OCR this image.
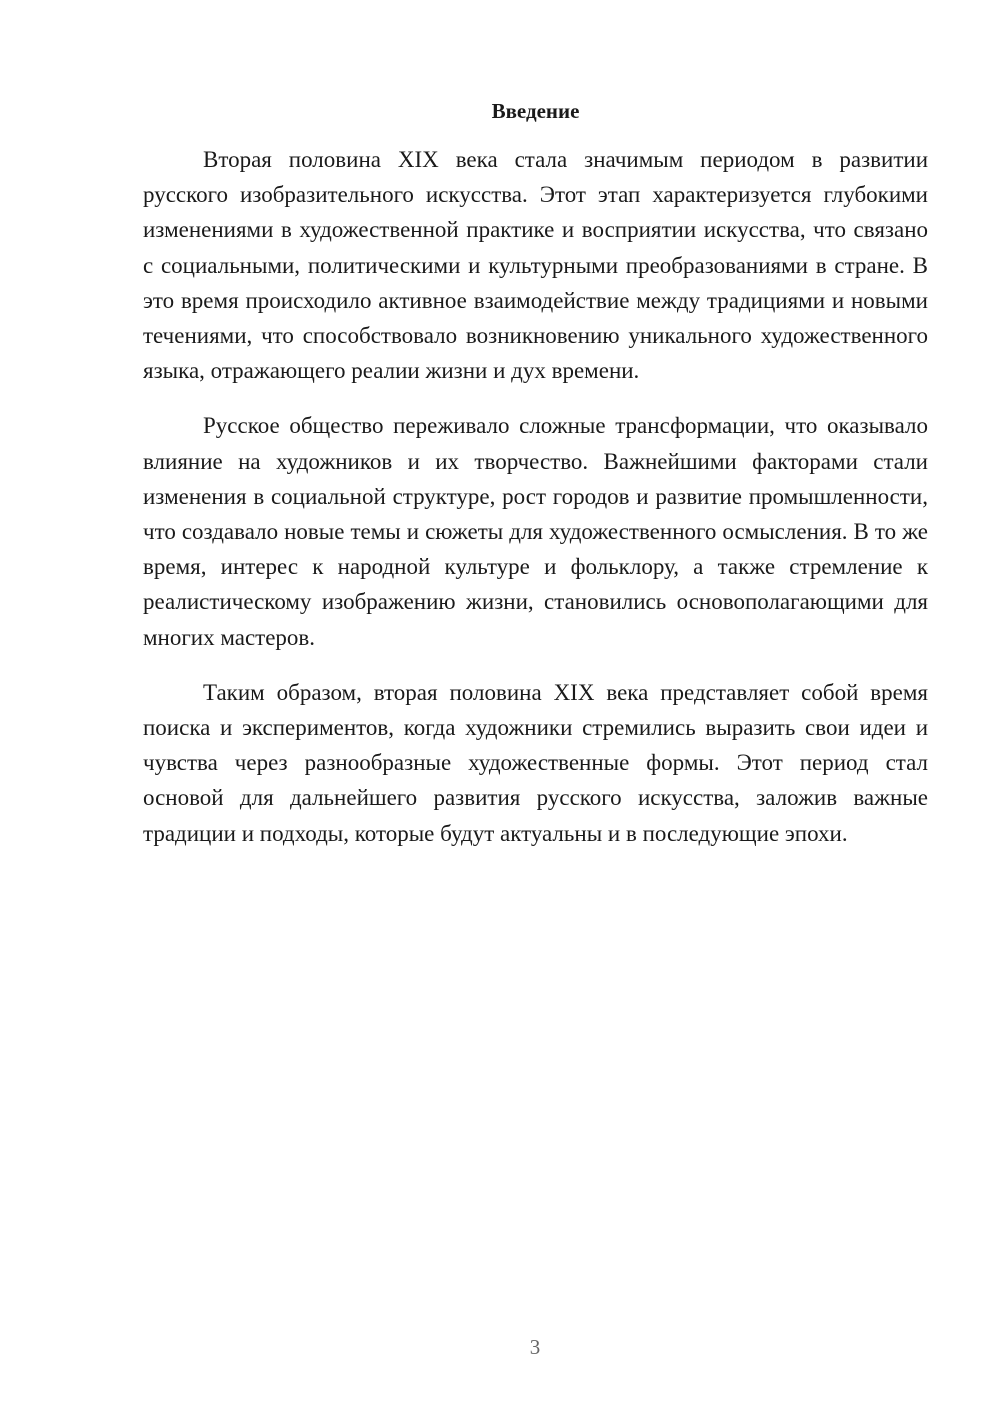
Введение

Вторая половина XIX века стала значимым периодом в развитии русского изобразительного искусства. Этот этап характеризуется глубокими изменениями в художественной практике и восприятии искусства, что связано с социальными, политическими и культурными преобразованиями в стране. В это время происходило активное взаимодействие между традициями и новыми течениями, что способствовало возникновению уникального художественного языка, отражающего реалии жизни и дух времени.

Русское общество переживало сложные трансформации, что оказывало влияние на художников и их творчество. Важнейшими факторами стали изменения в социальной структуре, рост городов и развитие промышленности, что создавало новые темы и сюжеты для художественного осмысления. В то же время, интерес к народной культуре и фольклору, а также стремление к реалистическому изображению жизни, становились основополагающими для многих мастеров.

Таким образом, вторая половина XIX века представляет собой время поиска и экспериментов, когда художники стремились выразить свои идеи и чувства через разнообразные художественные формы. Этот период стал основой для дальнейшего развития русского искусства, заложив важные традиции и подходы, которые будут актуальны и в последующие эпохи.

3
